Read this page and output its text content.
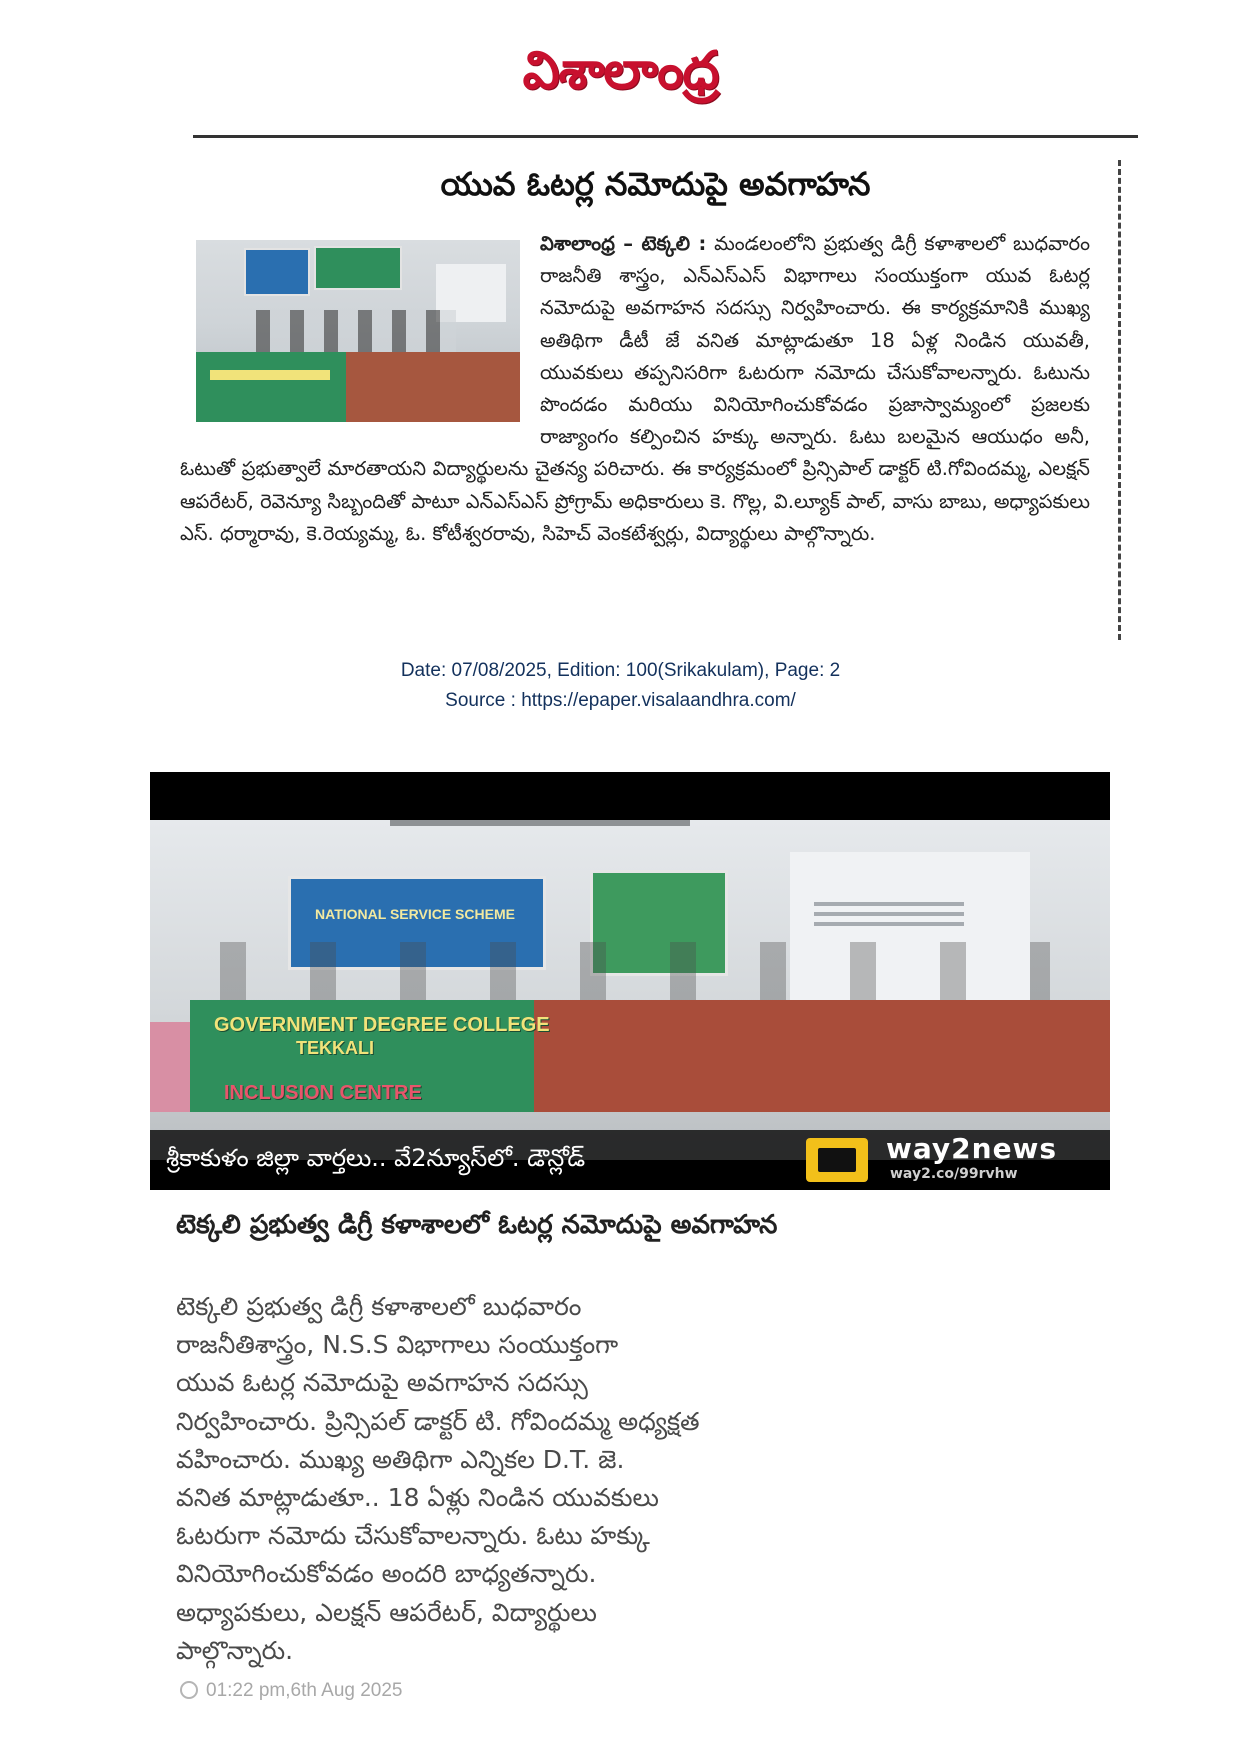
విశాలాంధ్ర
యువ ఓటర్ల నమోదుపై అవగాహన
విశాలాంధ్ర – టెక్కలి : మండలంలోని ప్రభుత్వ డిగ్రీ కళాశాలలో బుధవారం రాజనీతి శాస్త్రం, ఎన్ఎస్ఎస్ విభాగాలు సంయుక్తంగా యువ ఓటర్ల నమోదుపై అవగాహన సదస్సు నిర్వహించారు. ఈ కార్యక్రమానికి ముఖ్య అతిథిగా డీటీ జే వనిత మాట్లాడుతూ 18 ఏళ్ల నిండిన యువతీ, యువకులు తప్పనిసరిగా ఓటరుగా నమోదు చేసుకోవాలన్నారు. ఓటును పొందడం మరియు వినియోగించుకోవడం ప్రజాస్వామ్యంలో ప్రజలకు రాజ్యాంగం కల్పించిన హక్కు అన్నారు. ఓటు బలమైన ఆయుధం అనీ, ఓటుతో ప్రభుత్వాలే మారతాయని విద్యార్థులను చైతన్య పరిచారు. ఈ కార్యక్రమంలో ప్రిన్సిపాల్ డాక్టర్ టి.గోవిందమ్మ, ఎలక్షన్ ఆపరేటర్, రెవెన్యూ సిబ్బందితో పాటూ ఎన్ఎస్ఎస్ ప్రోగ్రామ్ అధికారులు కె. గొల్ల, వి.ల్యూక్ పాల్, వాసు బాబు, అధ్యాపకులు ఎస్. ధర్మారావు, కె.రెయ్యమ్మ, ఓ. కోటీశ్వరరావు, సిహెచ్ వెంకటేశ్వర్లు, విద్యార్థులు పాల్గొన్నారు.
Date: 07/08/2025, Edition: 100(Srikakulam), Page: 2
Source : https://epaper.visalaandhra.com/
NATIONAL SERVICE SCHEME
GOVERNMENT DEGREE COLLEGE
TEKKALI
INCLUSION CENTRE
శ్రీకాకుళం జిల్లా వార్తలు.. వే2న్యూస్‌లో. డౌన్లోడ్	way2news
way2.co/99rvhw
టెక్కలి ప్రభుత్వ డిగ్రీ కళాశాలలో ఓటర్ల నమోదుపై అవగాహన
టెక్కలి ప్రభుత్వ డిగ్రీ కళాశాలలో బుధవారం
రాజనీతిశాస్త్రం, N.S.S విభాగాలు సంయుక్తంగా
యువ ఓటర్ల నమోదుపై అవగాహన సదస్సు
నిర్వహించారు. ప్రిన్సిపల్ డాక్టర్ టి. గోవిందమ్మ అధ్యక్షత
వహించారు. ముఖ్య అతిథిగా ఎన్నికల D.T. జె.
వనిత మాట్లాడుతూ.. 18 ఏళ్లు నిండిన యువకులు
ఓటరుగా నమోదు చేసుకోవాలన్నారు. ఓటు హక్కు
వినియోగించుకోవడం అందరి బాధ్యతన్నారు.
అధ్యాపకులు, ఎలక్షన్ ఆపరేటర్, విద్యార్థులు
పాల్గొన్నారు.
01:22 pm,6th Aug 2025
